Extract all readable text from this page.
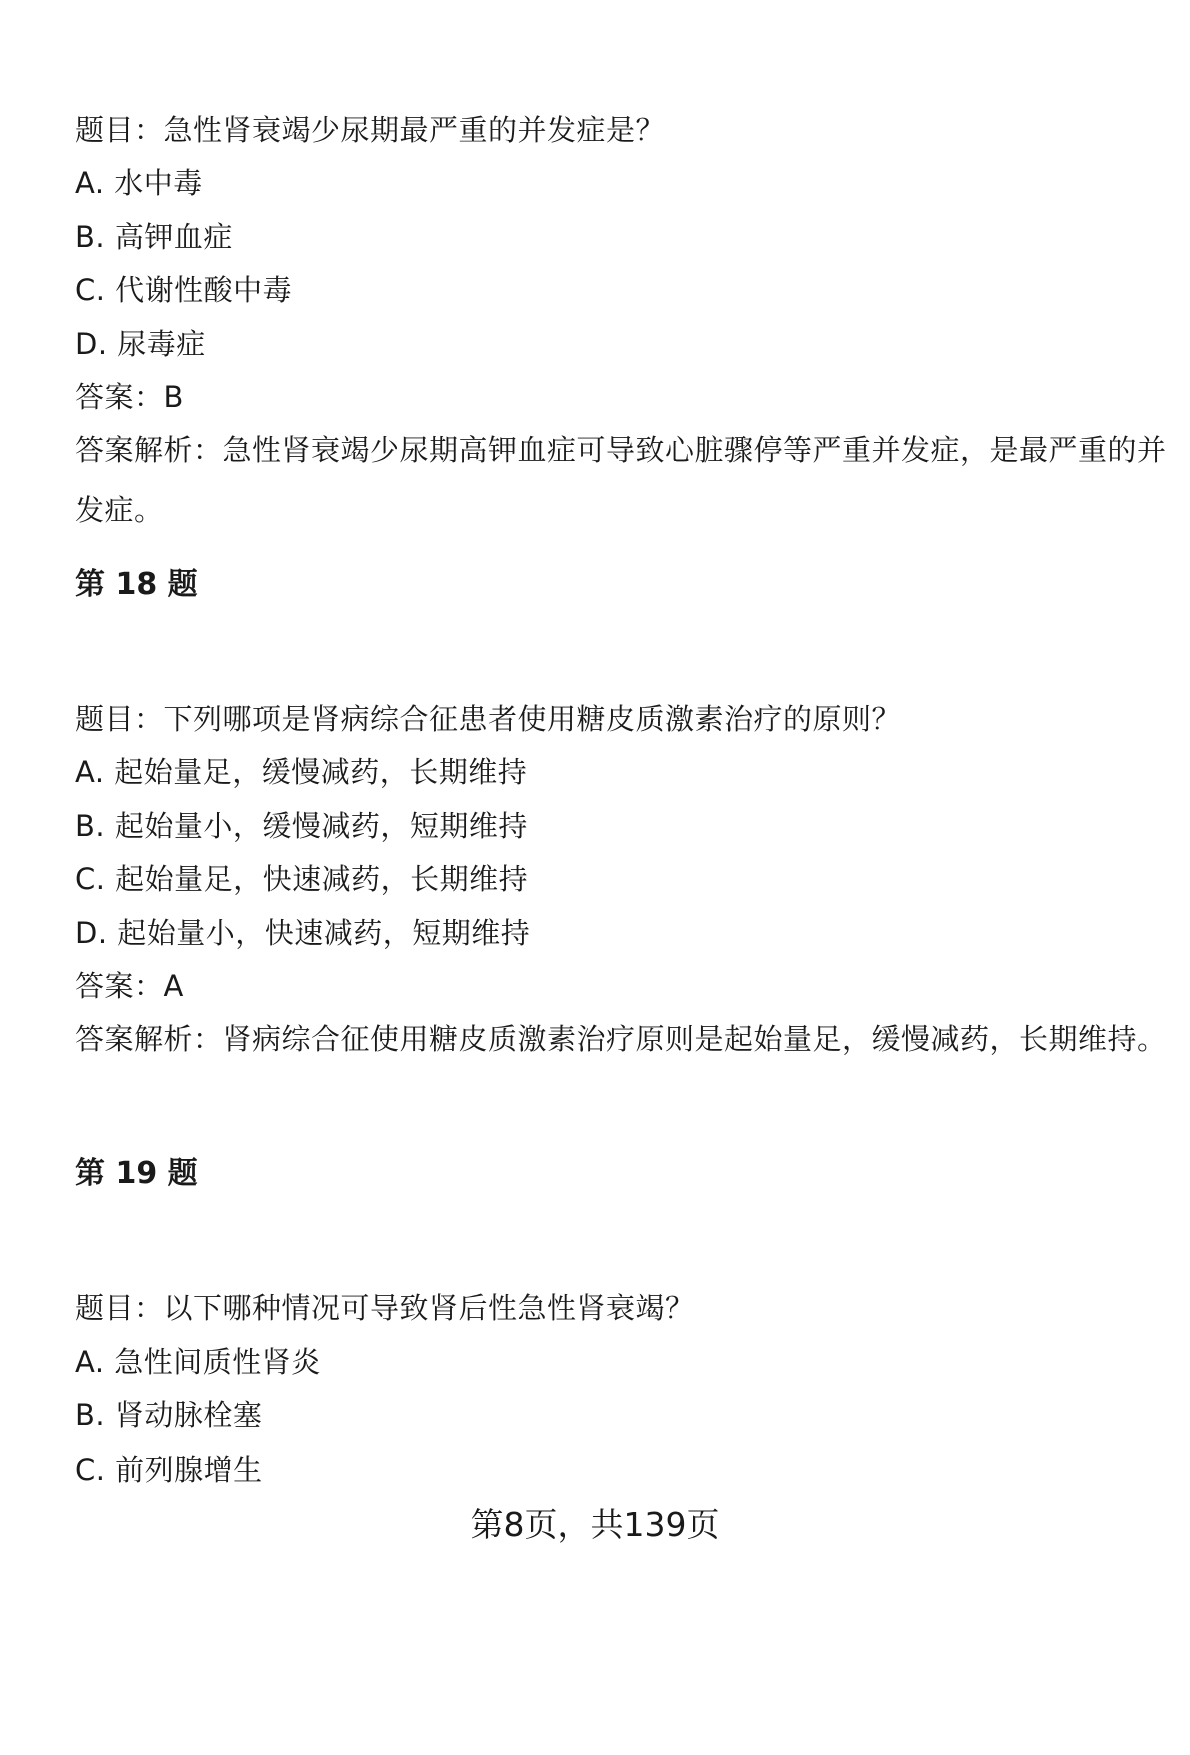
题目：急性肾衰竭少尿期最严重的并发症是？
A. 水中毒
B. 高钾血症
C. 代谢性酸中毒
D. 尿毒症
答案：B
答案解析：急性肾衰竭少尿期高钾血症可导致心脏骤停等严重并发症，是最严重的并发症。
第 18 题
题目：下列哪项是肾病综合征患者使用糖皮质激素治疗的原则？
A. 起始量足，缓慢减药，长期维持
B. 起始量小，缓慢减药，短期维持
C. 起始量足，快速减药，长期维持
D. 起始量小，快速减药，短期维持
答案：A
答案解析：肾病综合征使用糖皮质激素治疗原则是起始量足，缓慢减药，长期维持。
第 19 题
题目：以下哪种情况可导致肾后性急性肾衰竭？
A. 急性间质性肾炎
B. 肾动脉栓塞
C. 前列腺增生
第8页，共139页
